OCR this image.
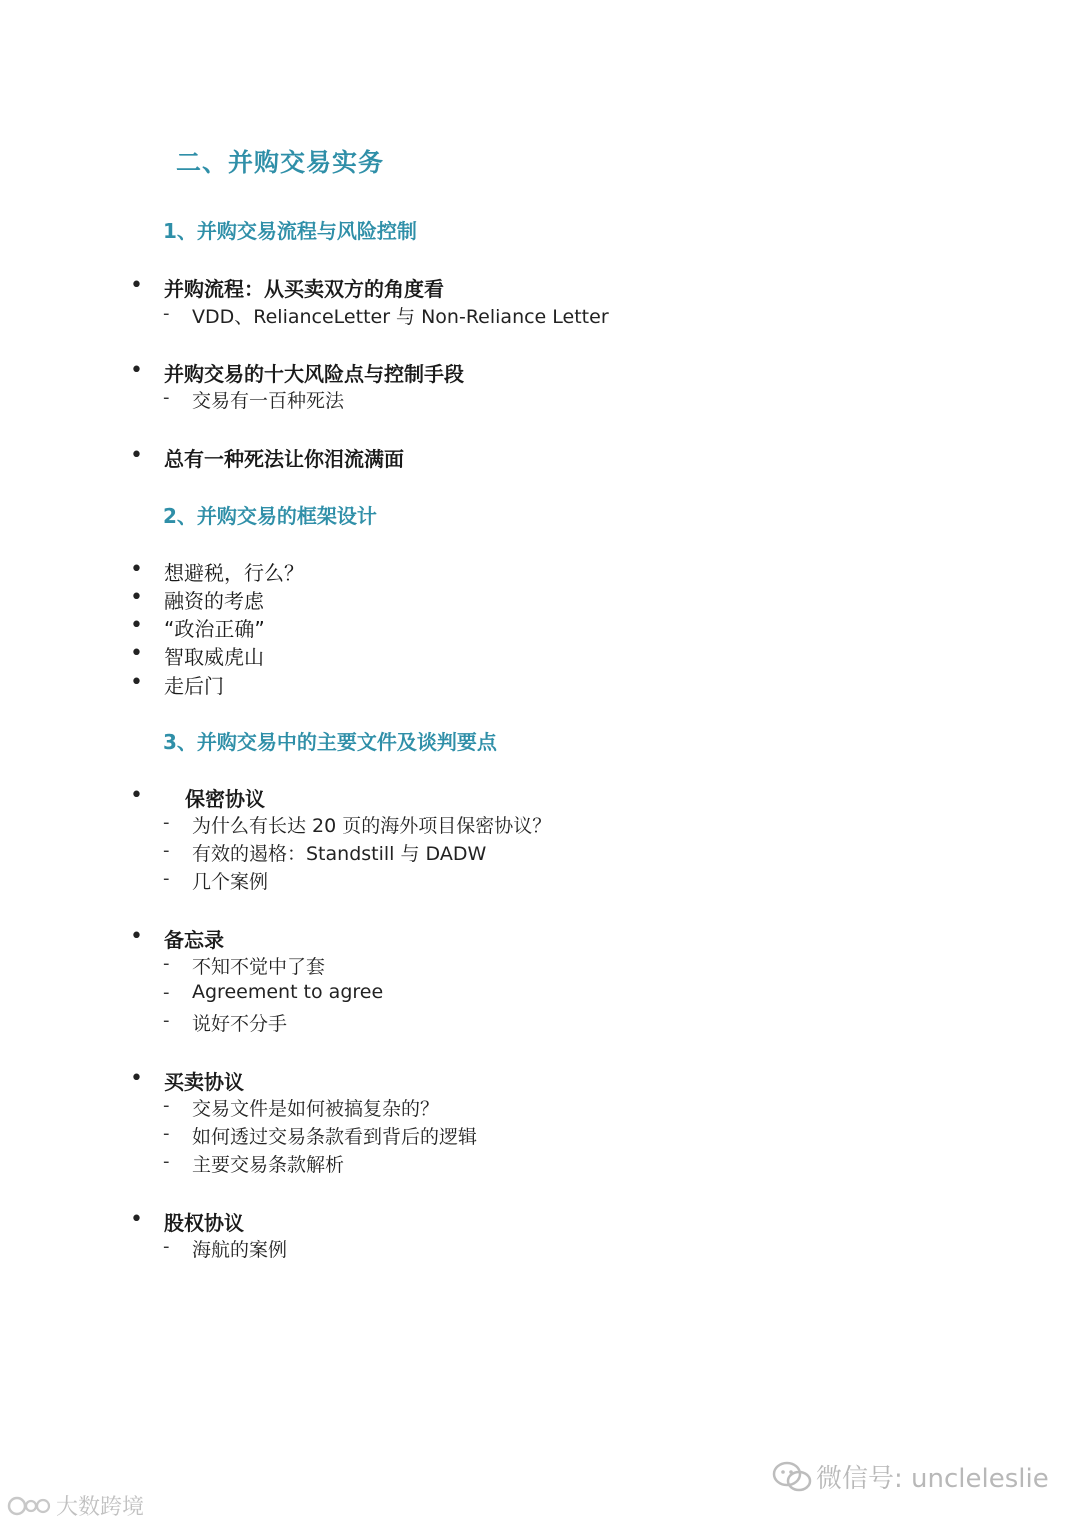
二、并购交易实务
1、并购交易流程与风险控制
• 并购流程：从买卖双方的角度看
- VDD、RelianceLetter 与 Non-Reliance Letter
• 并购交易的十大风险点与控制手段
- 交易有一百种死法
• 总有一种死法让你泪流满面
2、并购交易的框架设计
• 想避税，行么？
• 融资的考虑
• “政治正确”
• 智取威虎山
• 走后门
3、并购交易中的主要文件及谈判要点
• 保密协议
- 为什么有长达 20 页的海外项目保密协议？
- 有效的遏格：Standstill 与 DADW
- 几个案例
• 备忘录
- 不知不觉中了套
- Agreement to agree
- 说好不分手
• 买卖协议
- 交易文件是如何被搞复杂的？
- 如何透过交易条款看到背后的逻辑
- 主要交易条款解析
• 股权协议
- 海航的案例
微信号: uncleleslie
大数跨境
